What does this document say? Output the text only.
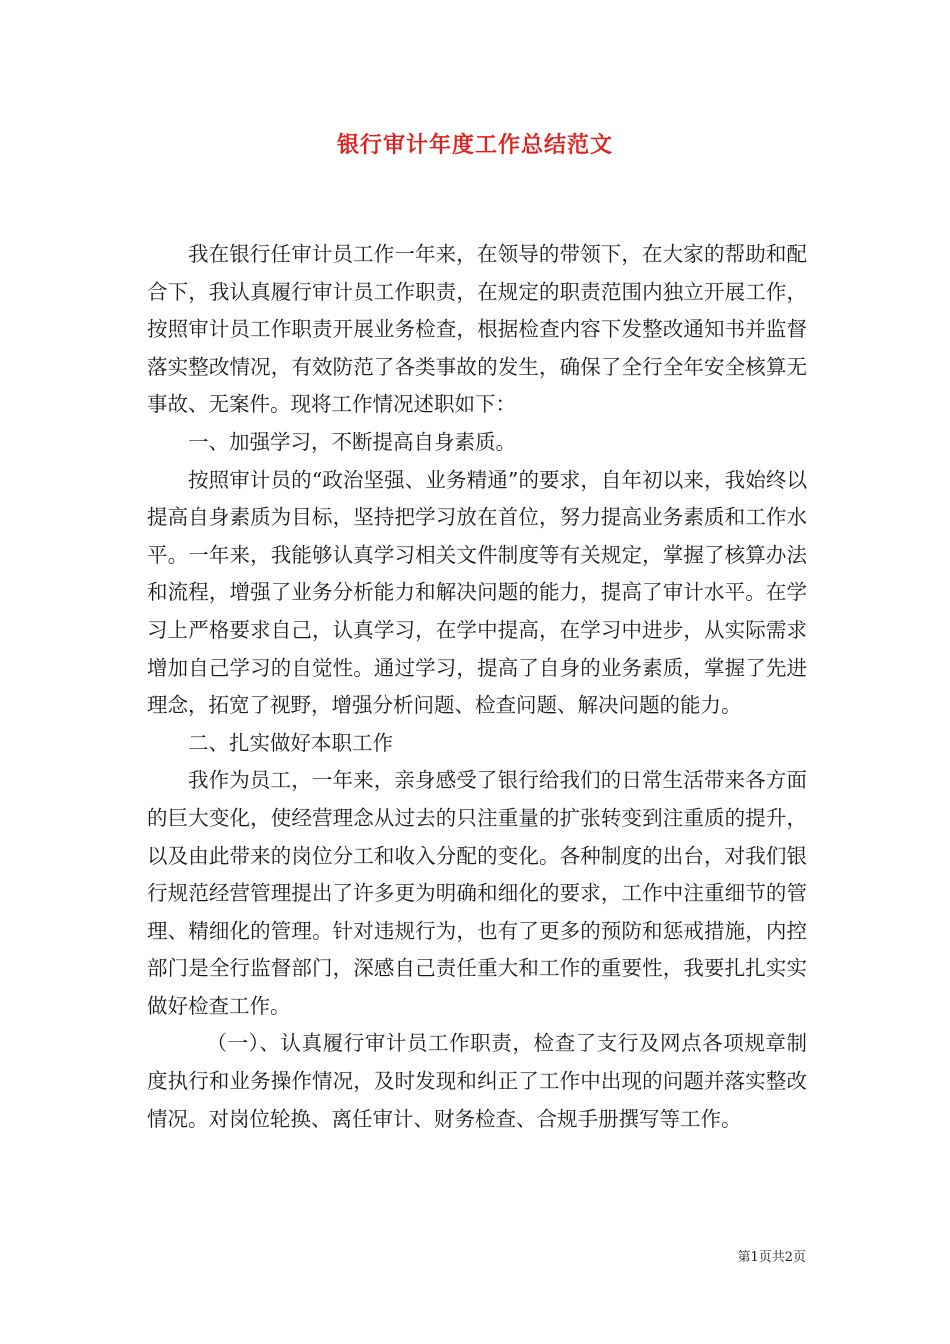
银行审计年度工作总结范文

我在银行任审计员工作一年来，在领导的带领下，在大家的帮助和配合下，我认真履行审计员工作职责，在规定的职责范围内独立开展工作，按照审计员工作职责开展业务检查，根据检查内容下发整改通知书并监督落实整改情况，有效防范了各类事故的发生，确保了全行全年安全核算无事故、无案件。现将工作情况述职如下：

一、加强学习，不断提高自身素质。

按照审计员的“政治坚强、业务精通”的要求，自年初以来，我始终以提高自身素质为目标，坚持把学习放在首位，努力提高业务素质和工作水平。一年来，我能够认真学习相关文件制度等有关规定，掌握了核算办法和流程，增强了业务分析能力和解决问题的能力，提高了审计水平。在学习上严格要求自己，认真学习，在学中提高，在学习中进步，从实际需求增加自己学习的自觉性。通过学习，提高了自身的业务素质，掌握了先进理念，拓宽了视野，增强分析问题、检查问题、解决问题的能力。

二、扎实做好本职工作

我作为员工，一年来，亲身感受了银行给我们的日常生活带来各方面的巨大变化，使经营理念从过去的只注重量的扩张转变到注重质的提升，以及由此带来的岗位分工和收入分配的变化。各种制度的出台，对我们银行规范经营管理提出了许多更为明确和细化的要求，工作中注重细节的管理、精细化的管理。针对违规行为，也有了更多的预防和惩戒措施，内控部门是全行监督部门，深感自己责任重大和工作的重要性，我要扎扎实实做好检查工作。

（一）、认真履行审计员工作职责，检查了支行及网点各项规章制度执行和业务操作情况，及时发现和纠正了工作中出现的问题并落实整改情况。对岗位轮换、离任审计、财务检查、合规手册撰写等工作。

第1页共2页
